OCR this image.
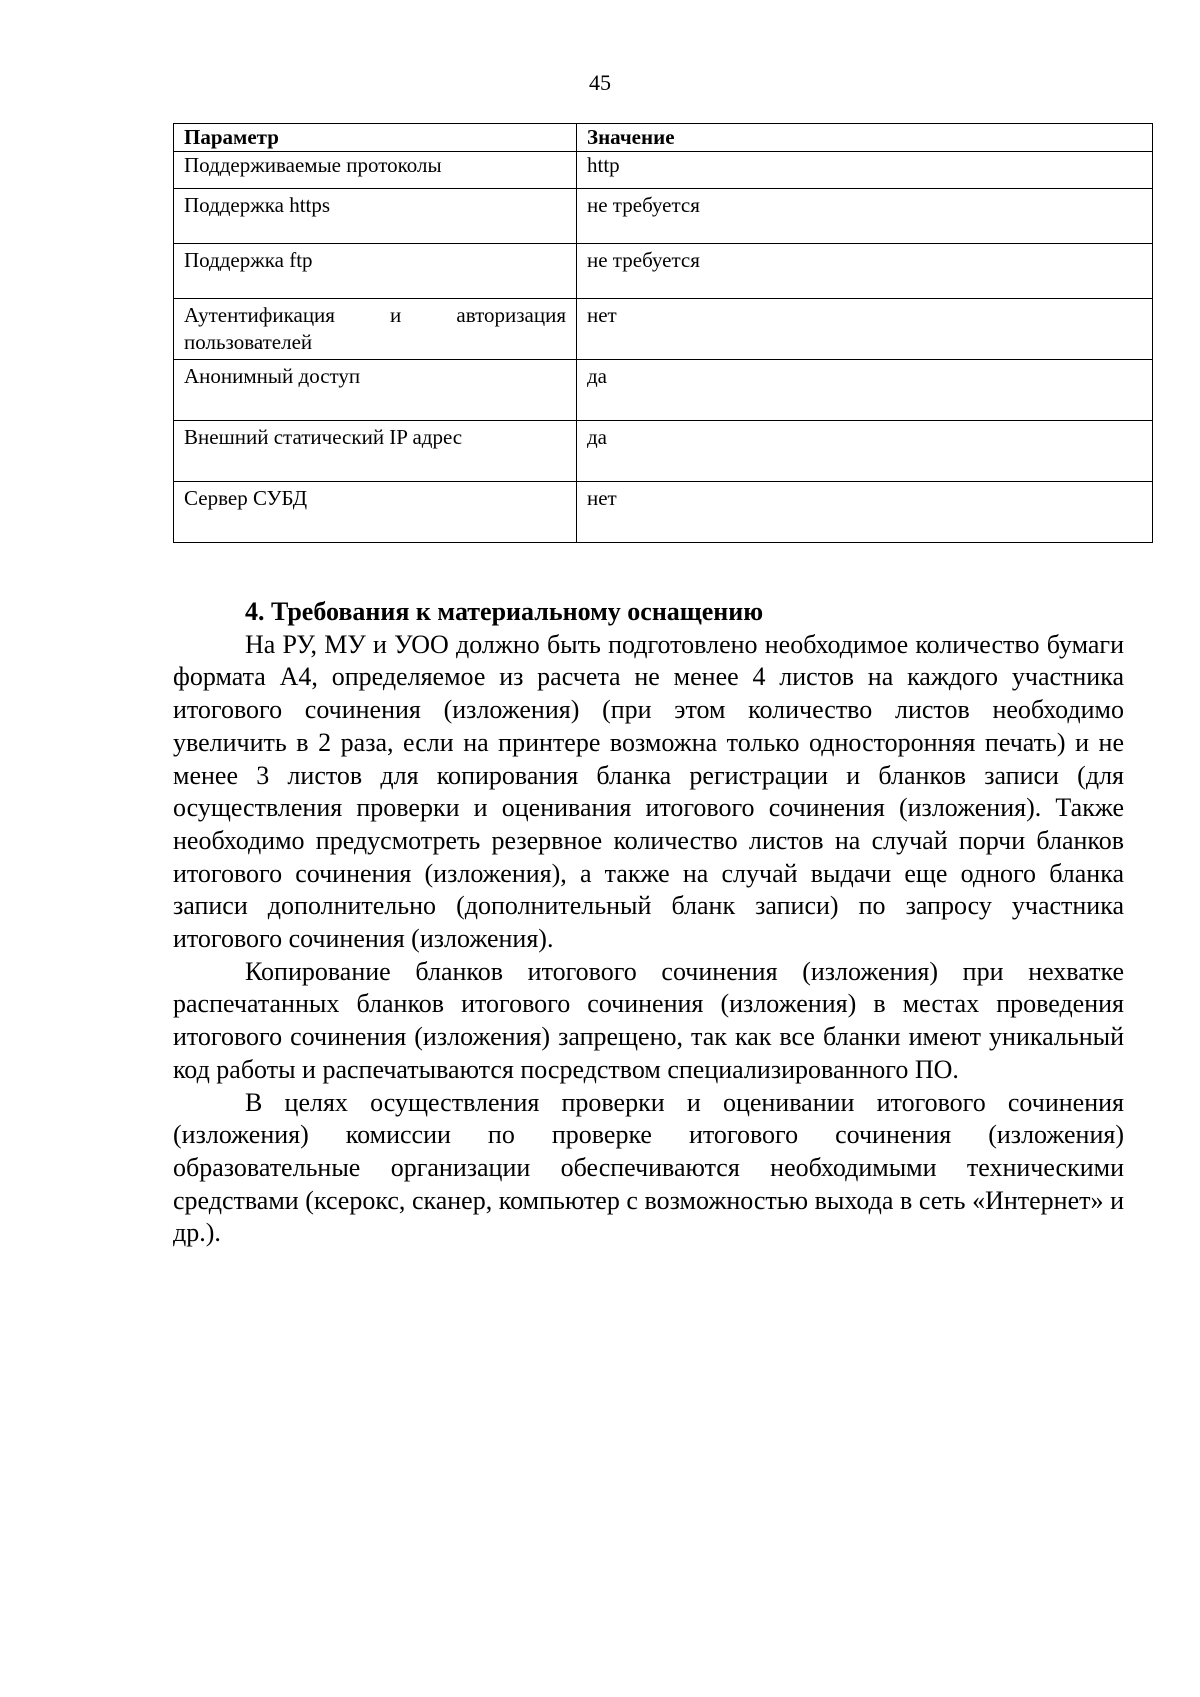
45
Параметр	Значение
Поддерживаемые протоколы	http
Поддержка https	не требуется
Поддержка ftp	не требуется

Аутентификация и авторизация
пользователей	нет
Анонимный доступ	да
Внешний статический IP адрес	да
Сервер СУБД	нет
4. Требования к материальному оснащению

На РУ, МУ и УОО должно быть подготовлено необходимое количество бумаги формата А4, определяемое из расчета не менее 4 листов на каждого участника итогового сочинения (изложения) (при этом количество листов необходимо увеличить в 2 раза, если на принтере возможна только односторонняя печать) и не менее 3 листов для копирования бланка регистрации и бланков записи (для осуществления проверки и оценивания итогового сочинения (изложения). Также необходимо предусмотреть резервное количество листов на случай порчи бланков итогового сочинения (изложения), а также на случай выдачи еще одного бланка записи дополнительно (дополнительный бланк записи) по запросу участника итогового сочинения (изложения).

Копирование бланков итогового сочинения (изложения) при нехватке распечатанных бланков итогового сочинения (изложения) в местах проведения итогового сочинения (изложения) запрещено, так как все бланки имеют уникальный код работы и распечатываются посредством специализированного ПО.

В целях осуществления проверки и оценивании итогового сочинения (изложения) комиссии по проверке итогового сочинения (изложения) образовательные организации обеспечиваются необходимыми техническими средствами (ксерокс, сканер, компьютер с возможностью выхода в сеть «Интернет» и др.).
